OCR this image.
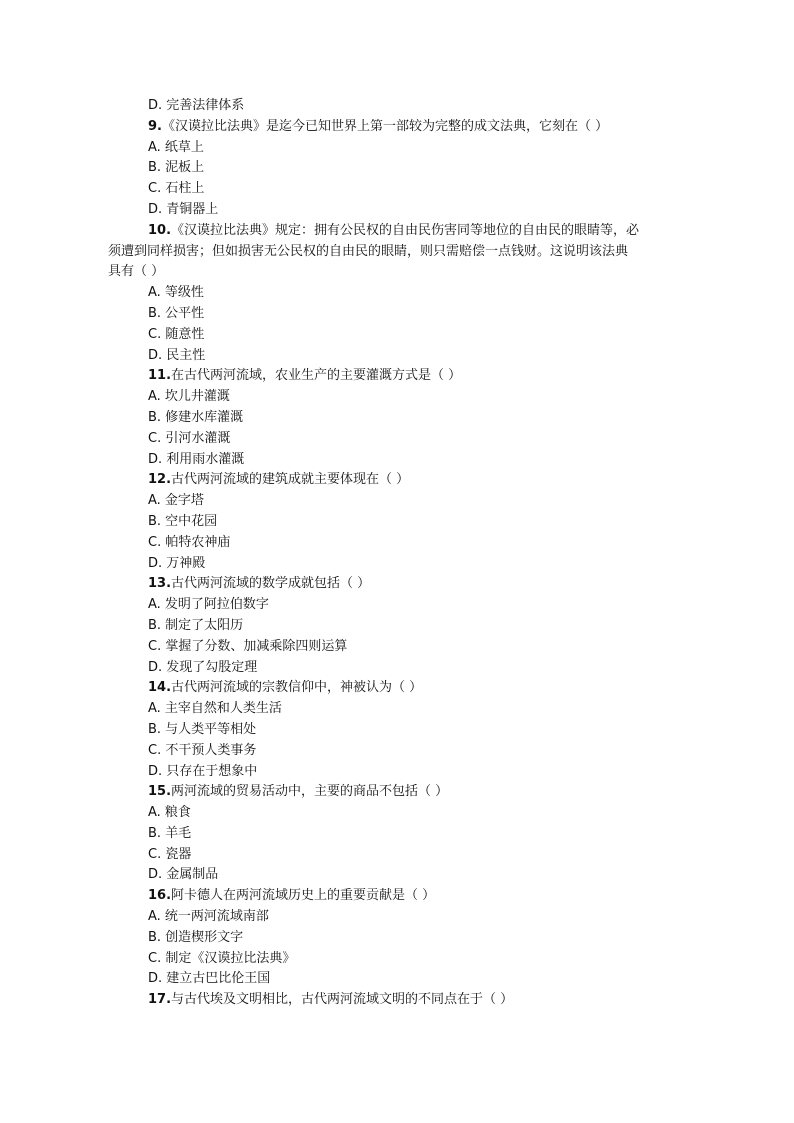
D. 完善法律体系
9.《汉谟拉比法典》是迄今已知世界上第一部较为完整的成文法典，它刻在（ ）
A. 纸草上
B. 泥板上
C. 石柱上
D. 青铜器上
10.《汉谟拉比法典》规定：拥有公民权的自由民伤害同等地位的自由民的眼睛等，必
须遭到同样损害；但如损害无公民权的自由民的眼睛，则只需赔偿一点钱财。这说明该法典
具有（ ）
A. 等级性
B. 公平性
C. 随意性
D. 民主性
11.在古代两河流域，农业生产的主要灌溉方式是（ ）
A. 坎儿井灌溉
B. 修建水库灌溉
C. 引河水灌溉
D. 利用雨水灌溉
12.古代两河流域的建筑成就主要体现在（ ）
A. 金字塔
B. 空中花园
C. 帕特农神庙
D. 万神殿
13.古代两河流域的数学成就包括（ ）
A. 发明了阿拉伯数字
B. 制定了太阳历
C. 掌握了分数、加减乘除四则运算
D. 发现了勾股定理
14.古代两河流域的宗教信仰中，神被认为（ ）
A. 主宰自然和人类生活
B. 与人类平等相处
C. 不干预人类事务
D. 只存在于想象中
15.两河流域的贸易活动中，主要的商品不包括（ ）
A. 粮食
B. 羊毛
C. 瓷器
D. 金属制品
16.阿卡德人在两河流域历史上的重要贡献是（ ）
A. 统一两河流域南部
B. 创造楔形文字
C. 制定《汉谟拉比法典》
D. 建立古巴比伦王国
17.与古代埃及文明相比，古代两河流域文明的不同点在于（ ）
